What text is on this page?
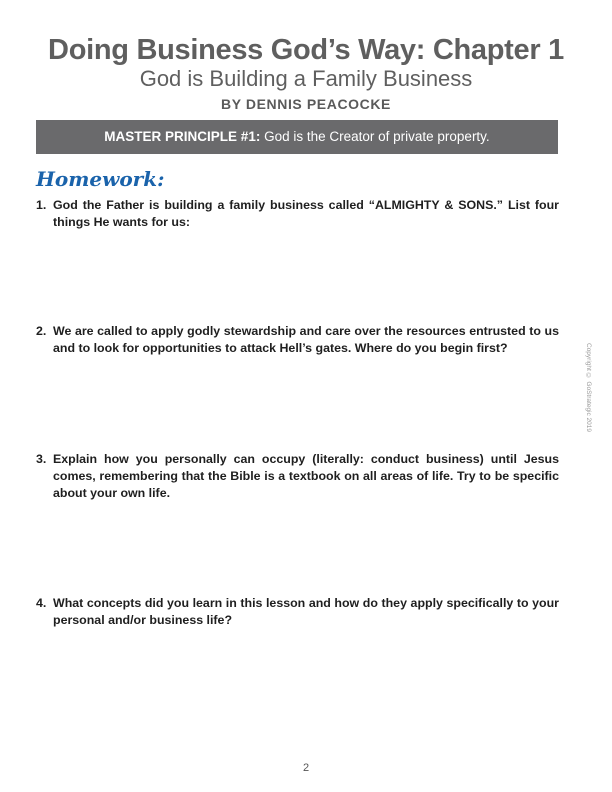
Doing Business God’s Way: Chapter 1
God is Building a Family Business
BY DENNIS PEACOCKE
MASTER PRINCIPLE #1: God is the Creator of private property.
Homework:
1. God the Father is building a family business called “ALMIGHTY & SONS.” List four things He wants for us:
2. We are called to apply godly stewardship and care over the resources entrusted to us and to look for opportunities to attack Hell’s gates. Where do you begin first?
3. Explain how you personally can occupy (literally: conduct business) until Jesus comes, remembering that the Bible is a textbook on all areas of life. Try to be specific about your own life.
4. What concepts did you learn in this lesson and how do they apply specifically to your personal and/or business life?
Copyright © GoStrategic 2019
2
